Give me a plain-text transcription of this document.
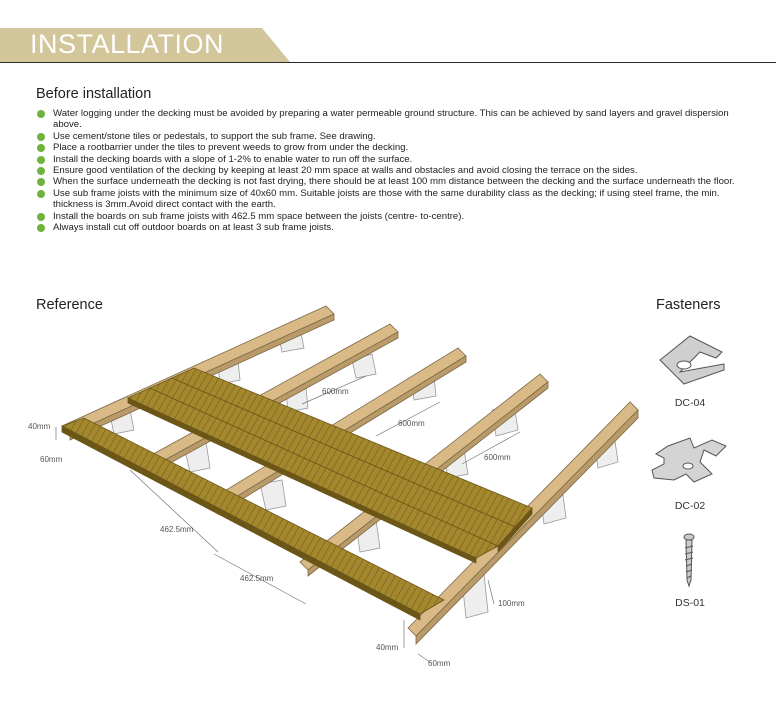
INSTALLATION
Before installation
Water logging under the decking must be avoided by preparing a water permeable ground structure. This can be achieved by sand layers and gravel dispersion above.
Use cement/stone tiles or pedestals, to support the sub frame. See drawing.
Place a rootbarrier under the tiles to prevent weeds to grow from under the decking.
Install the decking boards with a slope of 1-2% to enable water to run off the surface.
Ensure good ventilation of the decking by keeping at least 20 mm space at walls and obstacles and avoid closing the terrace on the sides.
When the surface underneath the decking is not fast drying, there should be at least 100 mm distance between the decking and the surface underneath the floor.
Use sub frame joists with the minimum size of 40x60 mm. Suitable joists are those with the same durability class as the decking; if using steel frame, the min. thickness is 3mm.Avoid direct contact with the earth.
Install the boards on sub frame joists with 462.5 mm space between the joists (centre- to-centre).
Always install cut off outdoor boards on at least 3 sub frame joists.
Reference	Fasteners
40mm
60mm
600mm
600mm
600mm
462.5mm
462.5mm
100mm
40mm
60mm
DC-04
DC-02
DS-01
